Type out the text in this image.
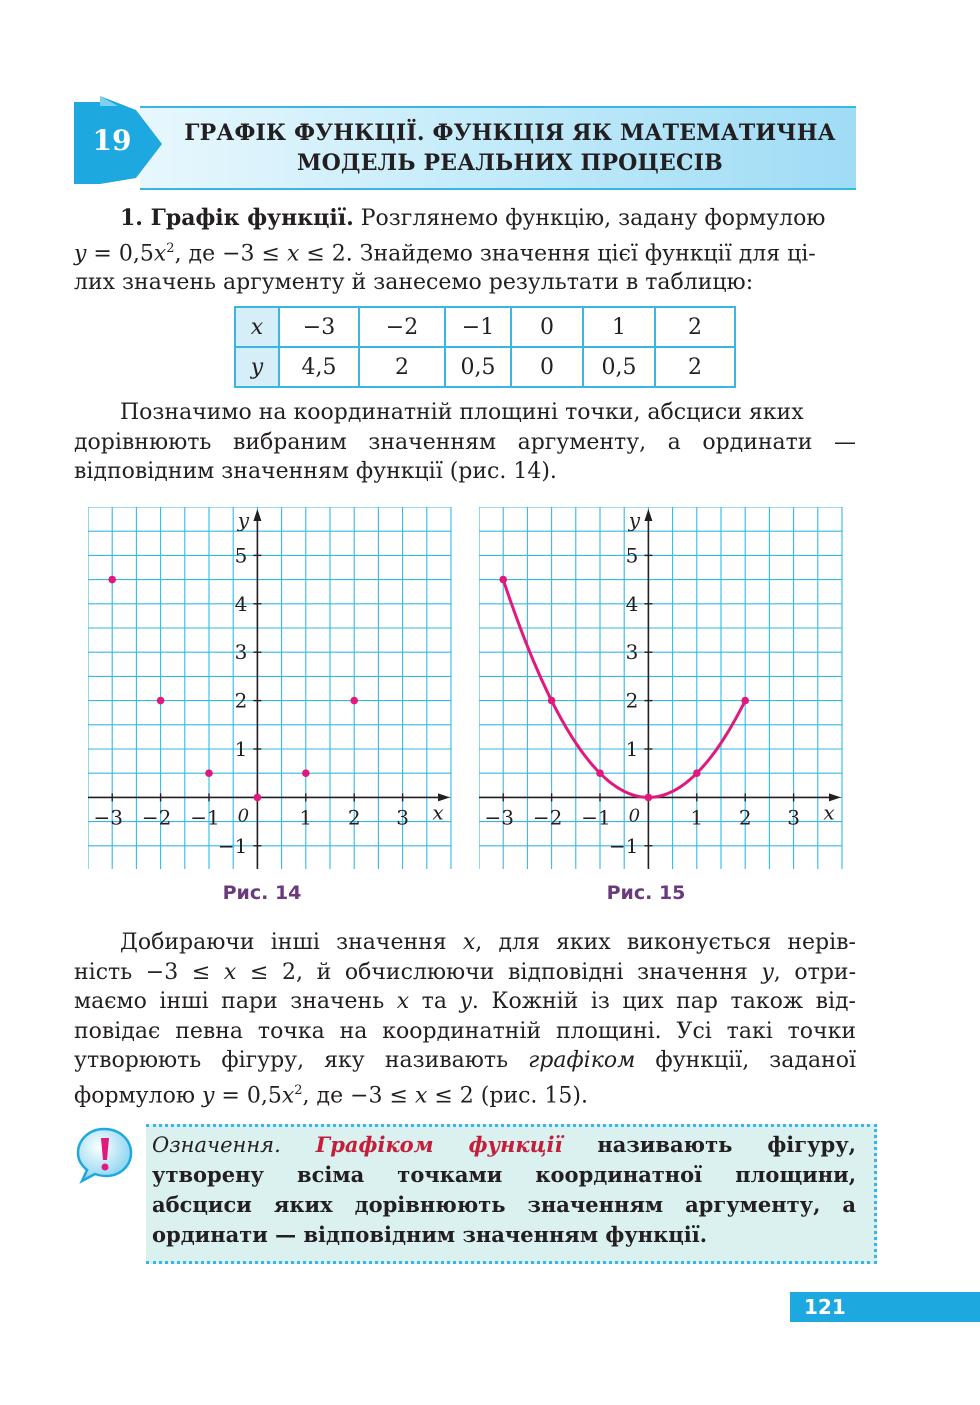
19	ГРАФІК ФУНКЦІЇ. ФУНКЦІЯ ЯК МАТЕМАТИЧНА
МОДЕЛЬ РЕАЛЬНИХ ПРОЦЕСІВ

1. Графік функції. Розглянемо функцію, задану формулою

$y = 0,5x^2$, де −3 ≤ x ≤ 2. Знайдемо значення цієї функції для ці-

лих значень аргументу й занесемо результати в таблицю:

x	−3	−2	−1	0	1	2
y	4,5	2	0,5	0	0,5	2

Позначимо на координатній площині точки, абсциси яких

дорівнюють вибраним значенням аргументу, а ординати —

відповідним значенням функції (рис. 14).

−3 −2 −1	1 2 3
−1
1
2
3
4
5
0	x
y
−3 −2 −1	1 2 3
−1
1
2
3
4
5
0	x
y
Рис. 14	Рис. 15

Добираючи інші значення x, для яких виконується нерів-

ність −3 ≤ x ≤ 2, й обчислюючи відповідні значення y, отри-

маємо інші пари значень x та y. Кожній із цих пар також від-

повідає певна точка на координатній площині. Усі такі точки

утворюють фігуру, яку називають графіком функції, заданої

формулою $y = 0,5x^2$, де −3 ≤ x ≤ 2 (рис. 15).

Означення. Графіком функції називають фігуру, утворену всіма точками координатної площини, абсциси яких дорівнюють значенням аргументу, а ординати — відповідним значенням функції.
121
